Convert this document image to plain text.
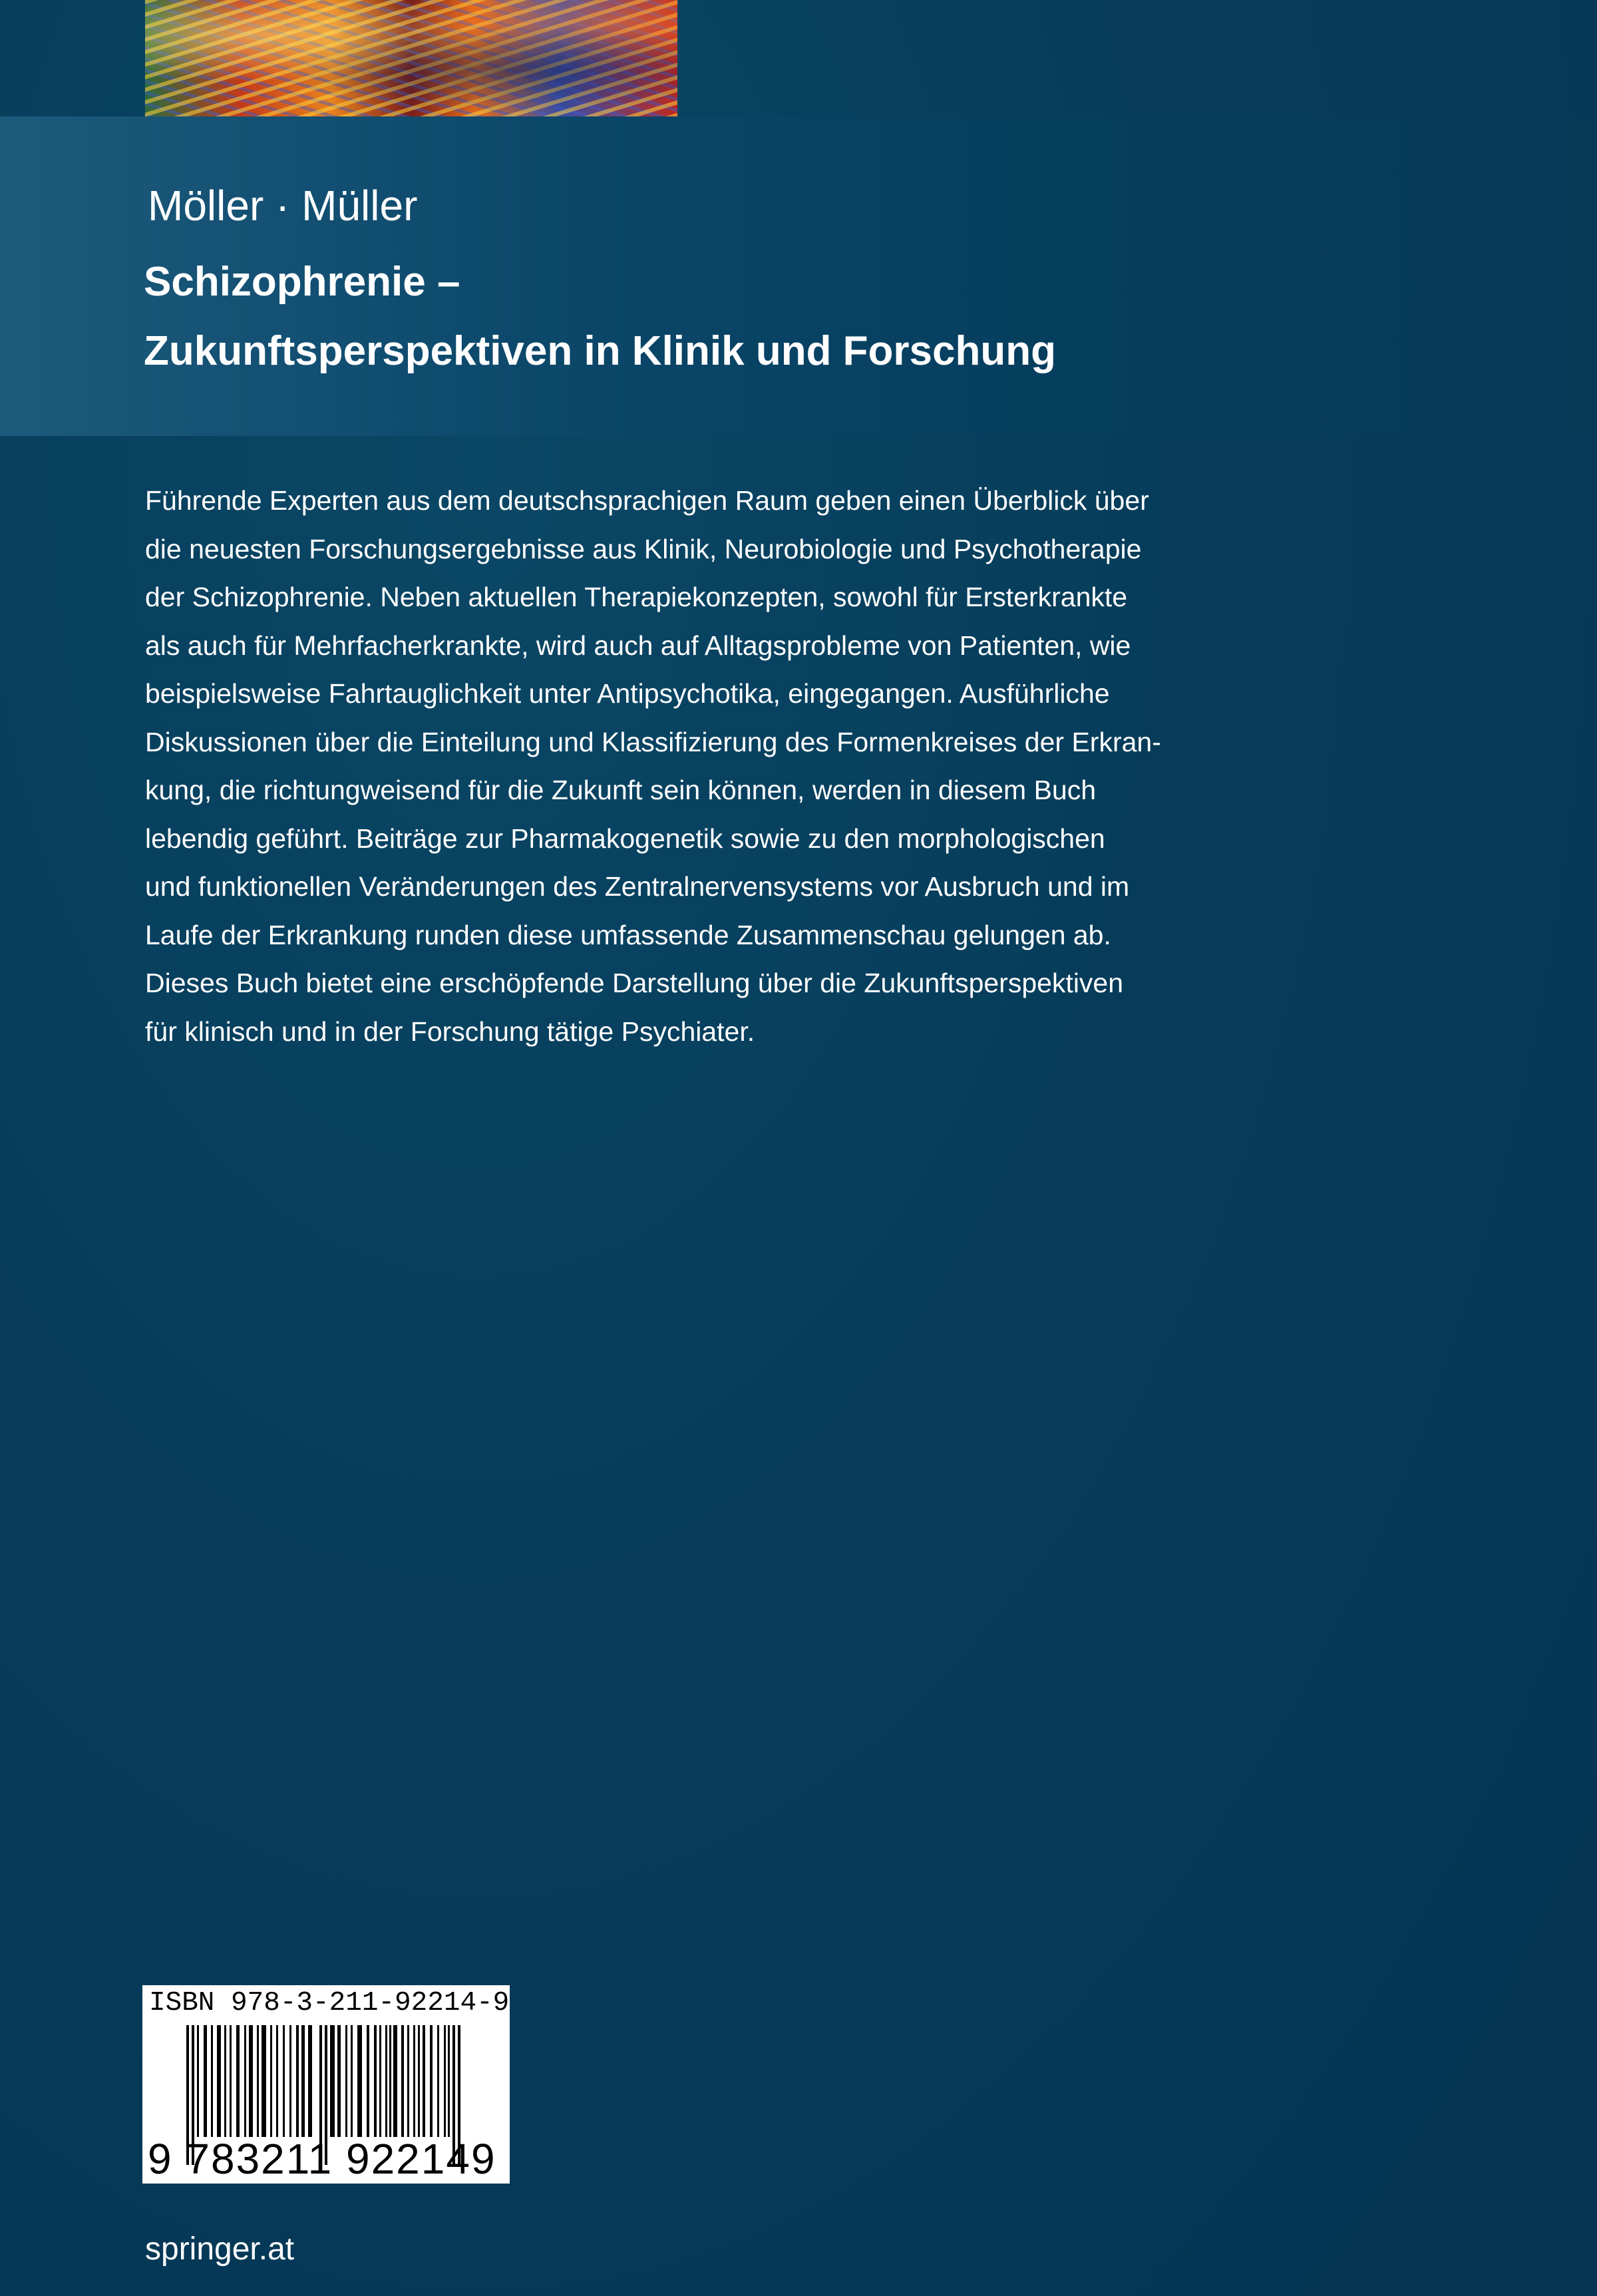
Möller · Müller
Schizophrenie –
Zukunftsperspektiven in Klinik und Forschung
Führende Experten aus dem deutschsprachigen Raum geben einen Überblick über
die neuesten Forschungsergebnisse aus Klinik, Neurobiologie und Psychotherapie
der Schizophrenie. Neben aktuellen Therapiekonzepten, sowohl für Ersterkrankte
als auch für Mehrfacherkrankte, wird auch auf Alltagsprobleme von Patienten, wie
beispielsweise Fahrtauglichkeit unter Antipsychotika, eingegangen. Ausführliche
Diskussionen über die Einteilung und Klassifizierung des Formenkreises der Erkran-
kung, die richtungweisend für die Zukunft sein können, werden in diesem Buch
lebendig geführt. Beiträge zur Pharmakogenetik sowie zu den morphologischen
und funktionellen Veränderungen des Zentralnervensystems vor Ausbruch und im
Laufe der Erkrankung runden diese umfassende Zusammenschau gelungen ab.
Dieses Buch bietet eine erschöpfende Darstellung über die Zukunftsperspektiven
für klinisch und in der Forschung tätige Psychiater.
ISBN 978-3-211-92214-9
9 783211 922149
springer.at
